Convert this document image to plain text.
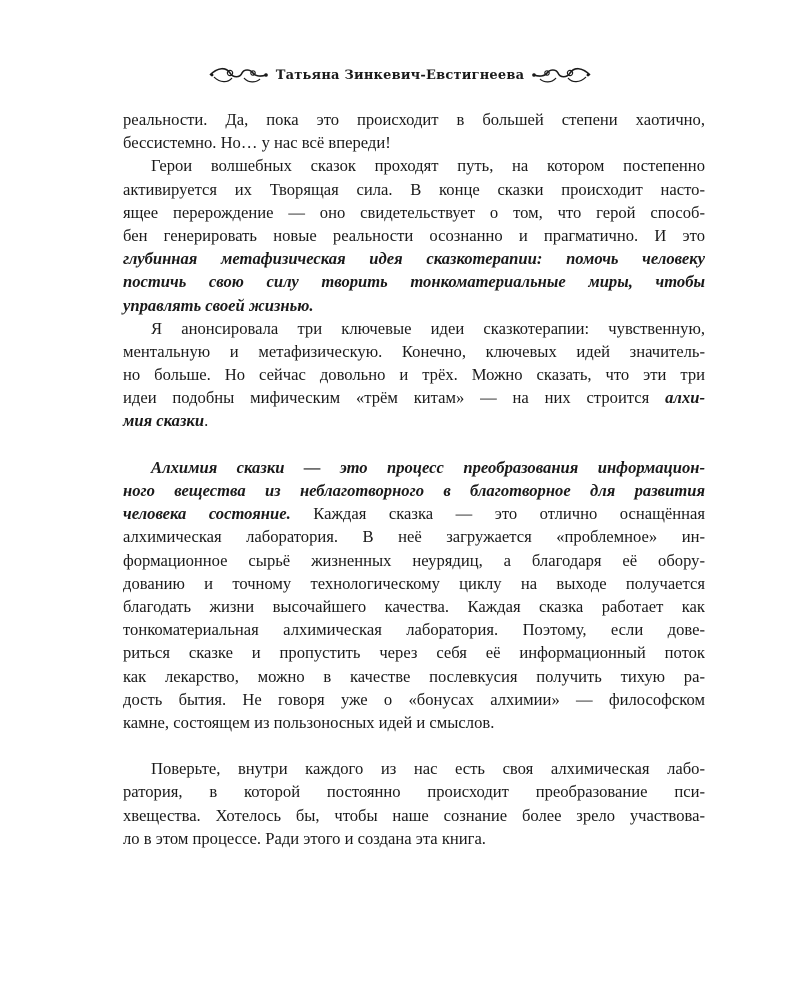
Татьяна Зинкевич-Евстигнеева
реальности. Да, пока это происходит в большей степени хаотично,
бессистемно. Но… у нас всё впереди!
Герои волшебных сказок проходят путь, на котором постепенно
активируется их Творящая сила. В конце сказки происходит насто-
ящее перерождение — оно свидетельствует о том, что герой способ-
бен генерировать новые реальности осознанно и прагматично. И это
глубинная метафизическая идея сказкотерапии: помочь человеку
постичь свою силу творить тонкоматериальные миры, чтобы
управлять своей жизнью.
Я анонсировала три ключевые идеи сказкотерапии: чувственную,
ментальную и метафизическую. Конечно, ключевых идей значитель-
но больше. Но сейчас довольно и трёх. Можно сказать, что эти три
идеи подобны мифическим «трём китам» — на них строится алхи-
мия сказки.
Алхимия сказки — это процесс преобразования информацион-
ного вещества из неблаготворного в благотворное для развития
человека состояние. Каждая сказка — это отлично оснащённая
алхимическая лаборатория. В неё загружается «проблемное» ин-
формационное сырьё жизненных неурядиц, а благодаря её обору-
дованию и точному технологическому циклу на выходе получается
благодать жизни высочайшего качества. Каждая сказка работает как
тонкоматериальная алхимическая лаборатория. Поэтому, если дове-
риться сказке и пропустить через себя её информационный поток
как лекарство, можно в качестве послевкусия получить тихую ра-
дость бытия. Не говоря уже о «бонусах алхимии» — философском
камне, состоящем из пользоносных идей и смыслов.
Поверьте, внутри каждого из нас есть своя алхимическая лабо-
ратория, в которой постоянно происходит преобразование пси-
хвещества. Хотелось бы, чтобы наше сознание более зрело участвова-
ло в этом процессе. Ради этого и создана эта книга.
